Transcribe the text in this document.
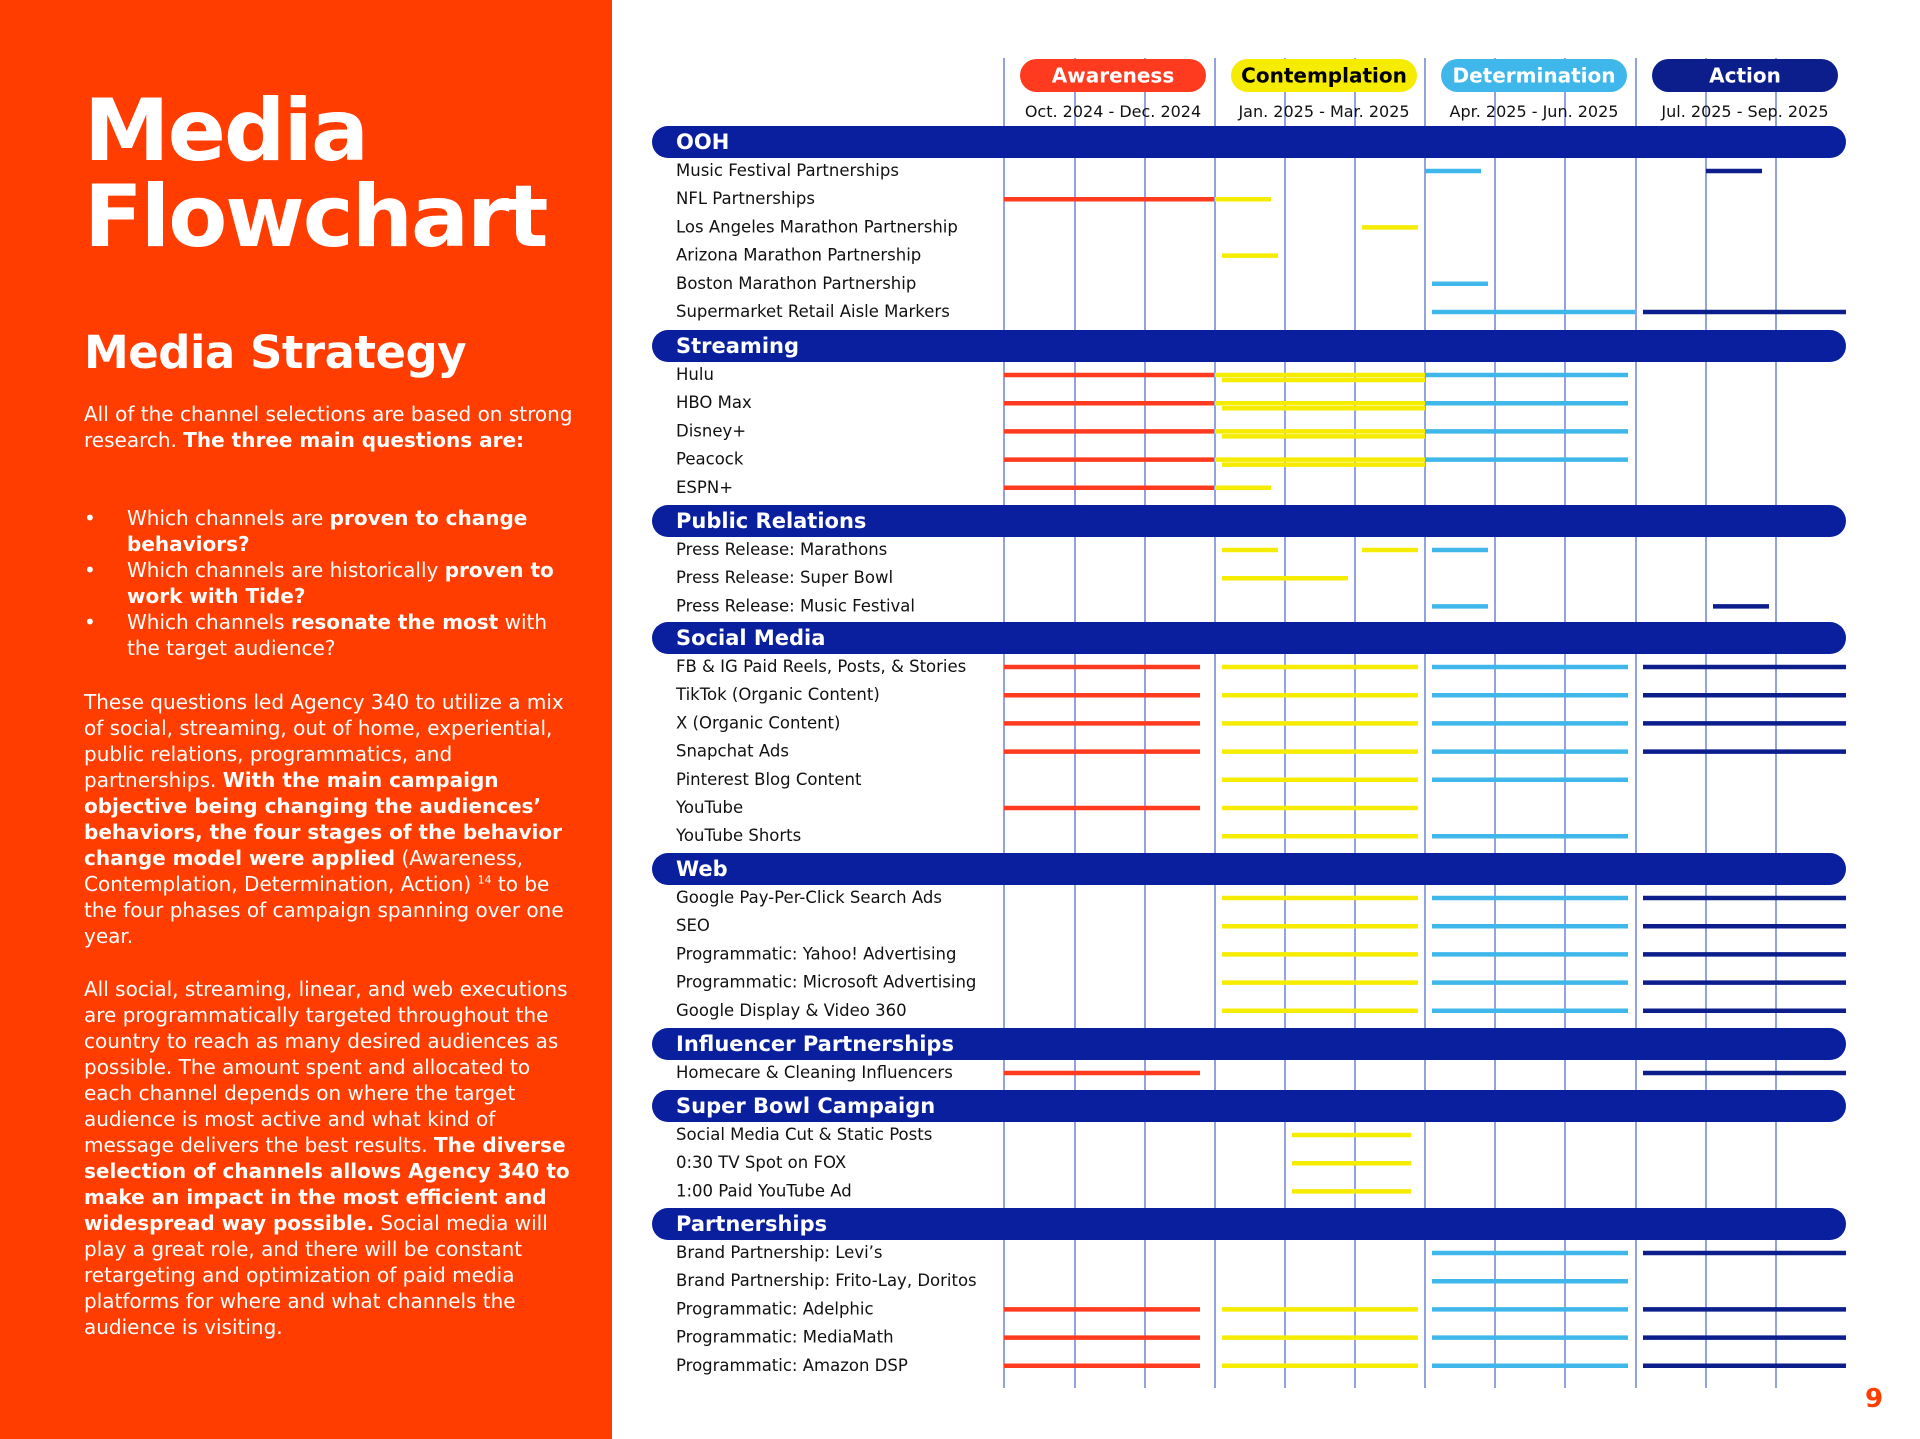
Media
Flowchart
Media Strategy

All of the channel selections are based on strong research. The three main questions are:

• Which channels are proven to change behaviors?
• Which channels are historically proven to work with Tide?
• Which channels resonate the most with the target audience?

These questions led Agency 340 to utilize a mix of social, streaming, out of home, experiential, public relations, programmatics, and partnerships. With the main campaign objective being changing the audiences’ behaviors, the four stages of the behavior change model were applied (Awareness, Contemplation, Determination, Action) $^{14}$ to be the four phases of campaign spanning over one year.

All social, streaming, linear, and web executions are programmatically targeted throughout the country to reach as many desired audiences as possible. The amount spent and allocated to each channel depends on where the target audience is most active and what kind of message delivers the best results. The diverse selection of channels allows Agency 340 to make an impact in the most efficient and widespread way possible. Social media will play a great role, and there will be constant retargeting and optimization of paid media platforms for where and what channels the audience is visiting.

Awareness
Oct. 2024 - Dec. 2024
Contemplation
Jan. 2025 - Mar. 2025
Determination
Apr. 2025 - Jun. 2025
Action
Jul. 2025 - Sep. 2025
OOH
Music Festival Partnerships
NFL Partnerships
Los Angeles Marathon Partnership
Arizona Marathon Partnership
Boston Marathon Partnership
Supermarket Retail Aisle Markers
Streaming
Hulu
HBO Max
Disney+
Peacock
ESPN+
Public Relations
Press Release: Marathons
Press Release: Super Bowl
Press Release: Music Festival
Social Media
FB & IG Paid Reels, Posts, & Stories
TikTok (Organic Content)
X (Organic Content)
Snapchat Ads
Pinterest Blog Content
YouTube
YouTube Shorts
Web
Google Pay-Per-Click Search Ads
SEO
Programmatic: Yahoo! Advertising
Programmatic: Microsoft Advertising
Google Display & Video 360
Influencer Partnerships
Homecare & Cleaning Influencers
Super Bowl Campaign
Social Media Cut & Static Posts
0:30 TV Spot on FOX
1:00 Paid YouTube Ad
Partnerships
Brand Partnership: Levi’s
Brand Partnership: Frito-Lay, Doritos
Programmatic: Adelphic
Programmatic: MediaMath
Programmatic: Amazon DSP
9
